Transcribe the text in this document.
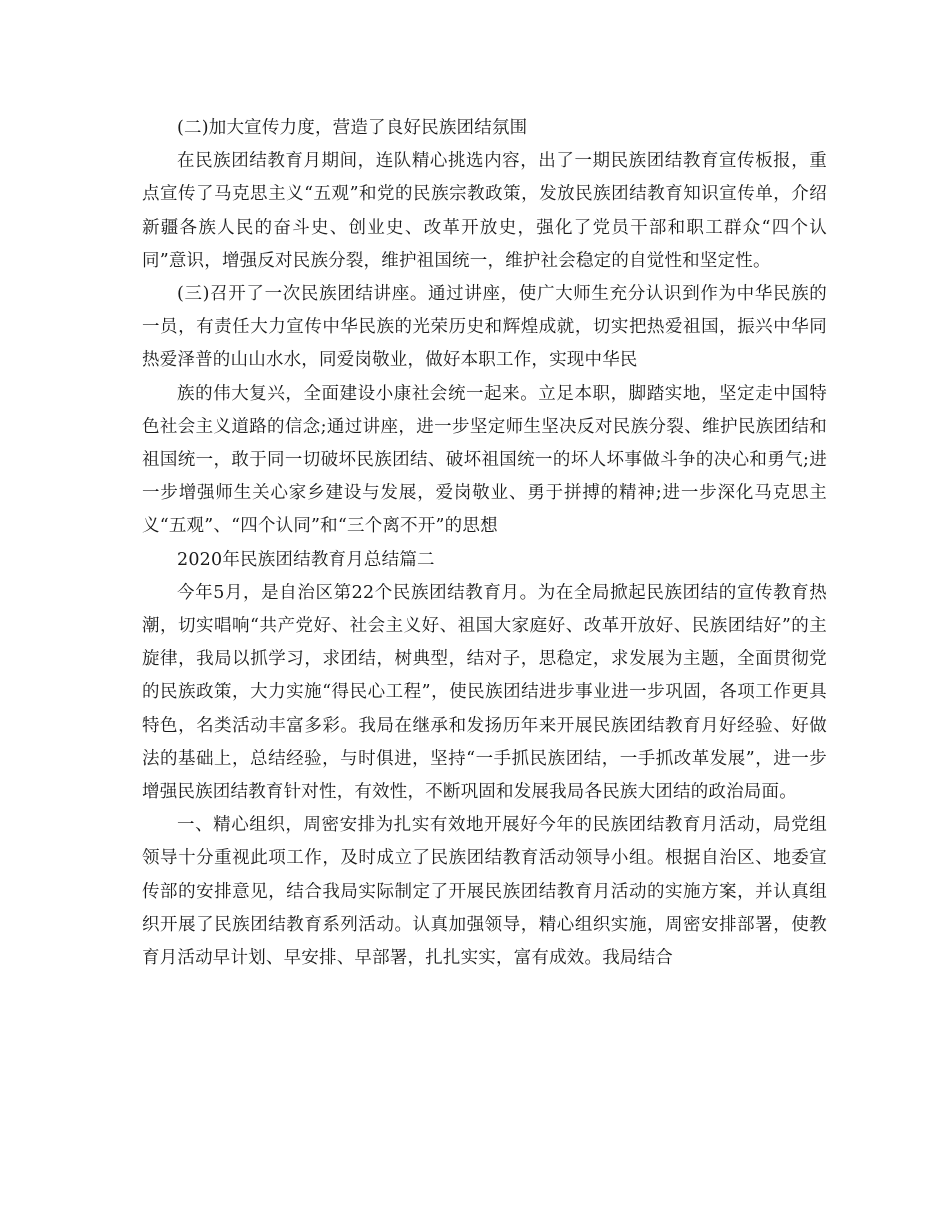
(二)加大宣传力度，营造了良好民族团结氛围

在民族团结教育月期间，连队精心挑选内容，出了一期民族团结教育宣传板报，重点宣传了马克思主义“五观”和党的民族宗教政策，发放民族团结教育知识宣传单，介绍新疆各族人民的奋斗史、创业史、改革开放史，强化了党员干部和职工群众“四个认同”意识，增强反对民族分裂，维护祖国统一，维护社会稳定的自觉性和坚定性。

(三)召开了一次民族团结讲座。通过讲座，使广大师生充分认识到作为中华民族的一员，有责任大力宣传中华民族的光荣历史和辉煌成就，切实把热爱祖国，振兴中华同热爱泽普的山山水水，同爱岗敬业，做好本职工作，实现中华民

族的伟大复兴，全面建设小康社会统一起来。立足本职，脚踏实地，坚定走中国特色社会主义道路的信念;通过讲座，进一步坚定师生坚决反对民族分裂、维护民族团结和祖国统一，敢于同一切破坏民族团结、破坏祖国统一的坏人坏事做斗争的决心和勇气;进一步增强师生关心家乡建设与发展，爱岗敬业、勇于拼搏的精神;进一步深化马克思主义“五观”、“四个认同”和“三个离不开”的思想

2020年民族团结教育月总结篇二

今年5月，是自治区第22个民族团结教育月。为在全局掀起民族团结的宣传教育热潮，切实唱响“共产党好、社会主义好、祖国大家庭好、改革开放好、民族团结好”的主旋律，我局以抓学习，求团结，树典型，结对子，思稳定，求发展为主题，全面贯彻党的民族政策，大力实施“得民心工程”，使民族团结进步事业进一步巩固，各项工作更具特色，名类活动丰富多彩。我局在继承和发扬历年来开展民族团结教育月好经验、好做法的基础上，总结经验，与时俱进，坚持“一手抓民族团结，一手抓改革发展”，进一步增强民族团结教育针对性，有效性，不断巩固和发展我局各民族大团结的政治局面。

一、精心组织，周密安排为扎实有效地开展好今年的民族团结教育月活动，局党组领导十分重视此项工作，及时成立了民族团结教育活动领导小组。根据自治区、地委宣传部的安排意见，结合我局实际制定了开展民族团结教育月活动的实施方案，并认真组织开展了民族团结教育系列活动。认真加强领导，精心组织实施，周密安排部署，使教育月活动早计划、早安排、早部署，扎扎实实，富有成效。我局结合
